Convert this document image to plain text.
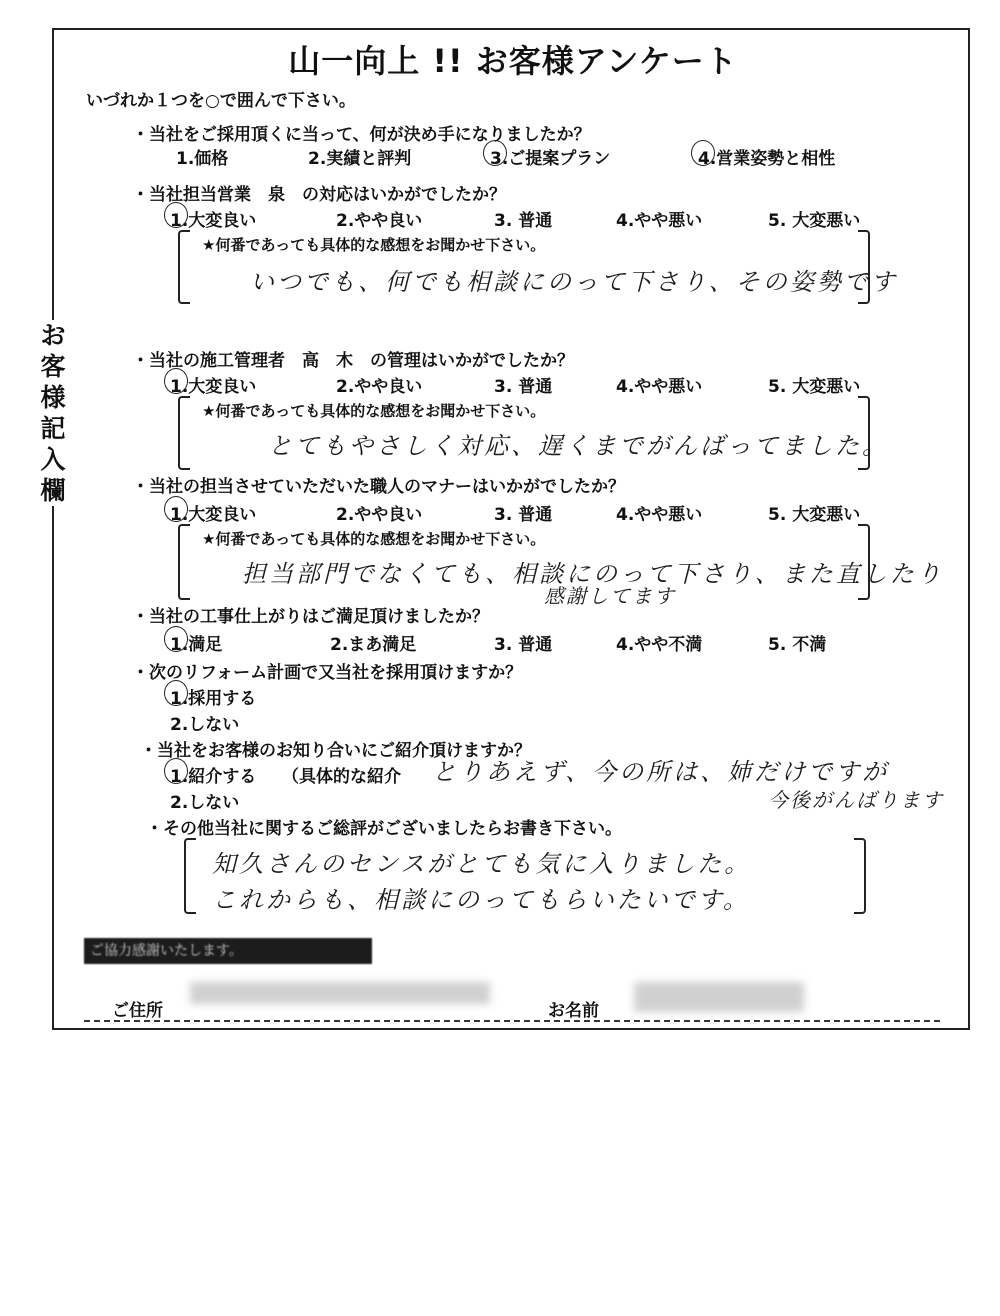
山一向上 !! お客様アンケート
いづれか１つを○で囲んで下さい。
・当社をご採用頂くに当って、何が決め手になりましたか？
1.価格	2.実績と評判	3.ご提案プラン	4.営業姿勢と相性
・当社担当営業　泉　の対応はいかがでしたか？
1.大変良い	2.やや良い	3. 普通	4.やや悪い	5. 大変悪い
★何番であっても具体的な感想をお聞かせ下さい。
いつでも、何でも相談にのって下さり、その姿勢です
・当社の施工管理者　高　木　の管理はいかがでしたか？
1.大変良い	2.やや良い	3. 普通	4.やや悪い	5. 大変悪い
★何番であっても具体的な感想をお聞かせ下さい。
とてもやさしく対応、遅くまでがんばってました。
・当社の担当させていただいた職人のマナーはいかがでしたか？
1.大変良い	2.やや良い	3. 普通	4.やや悪い	5. 大変悪い
★何番であっても具体的な感想をお聞かせ下さい。
担当部門でなくても、相談にのって下さり、また直したり
感謝してます
・当社の工事仕上がりはご満足頂けましたか？
1.満足	2.まあ満足	3. 普通	4.やや不満	5. 不満
・次のリフォーム計画で又当社を採用頂けますか？
1.採用する
2.しない
・当社をお客様のお知り合いにご紹介頂けますか？
1.紹介する （具体的な紹介
2.しない
とりあえず、今の所は、姉だけですが
今後がんばります
・その他当社に関するご総評がございましたらお書き下さい。
知久さんのセンスがとても気に入りました。
これからも、相談にのってもらいたいです。
ご協力感謝いたします。
ご住所	お名前
お
客
様
記
入
欄
